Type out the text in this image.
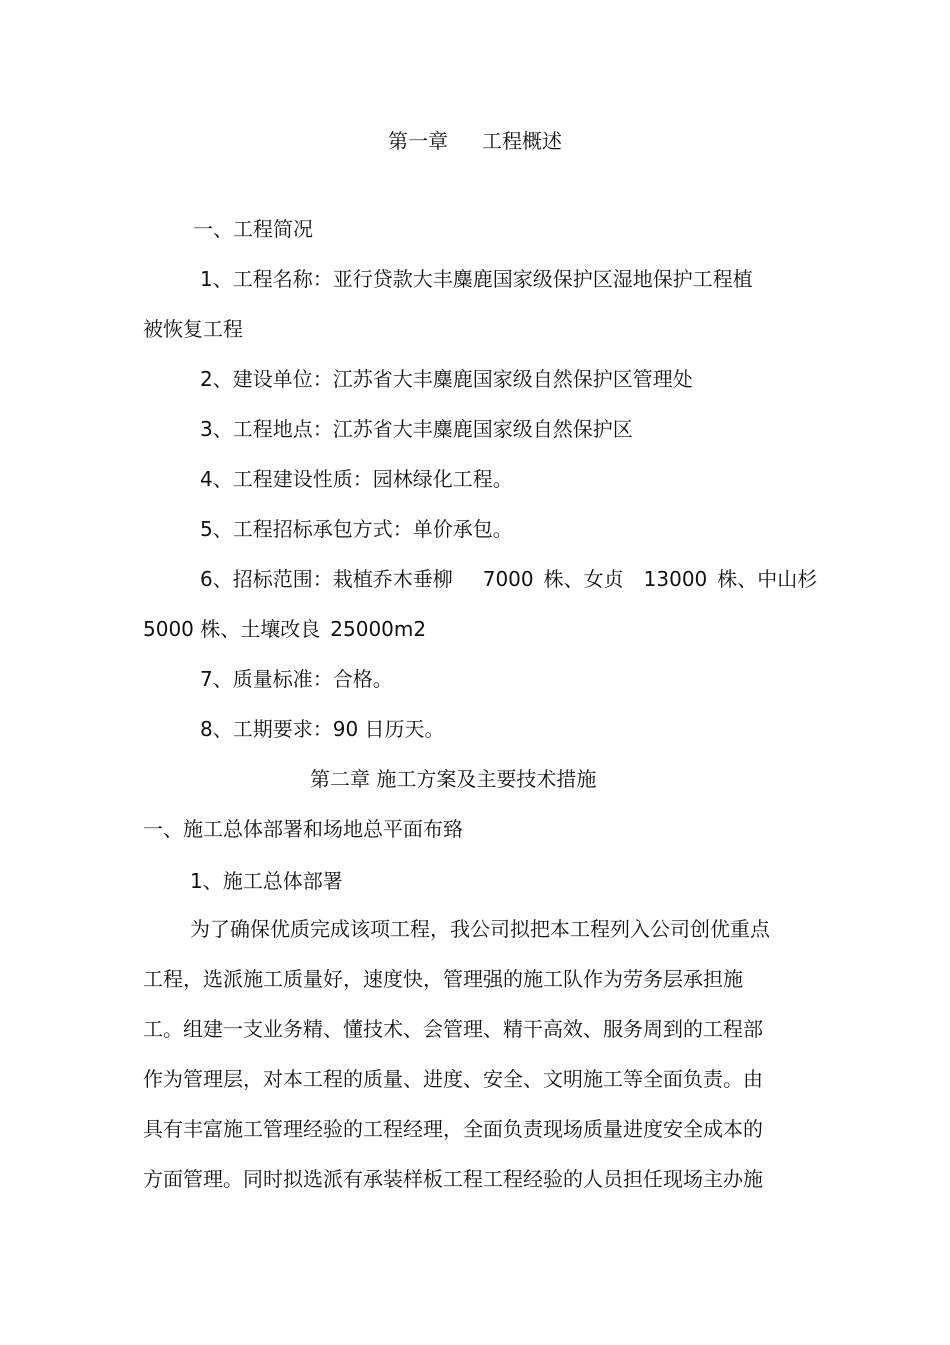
第一章 工程概述
一、工程简况
1、工程名称：亚行贷款大丰麋鹿国家级保护区湿地保护工程植
被恢复工程
2、建设单位：江苏省大丰麋鹿国家级自然保护区管理处
3、工程地点：江苏省大丰麋鹿国家级自然保护区
4、工程建设性质：园林绿化工程。
5、工程招标承包方式：单价承包。
6、招标范围：栽植乔木垂柳 7000 株、女贞 13000 株、中山杉
5000 株、土壤改良 25000m2
7、质量标准：合格。
8、工期要求：90 日历天。
第二章 施工方案及主要技术措施
一、施工总体部署和场地总平面布臵
1、施工总体部署
为了确保优质完成该项工程，我公司拟把本工程列入公司创优重点
工程，选派施工质量好，速度快，管理强的施工队作为劳务层承担施
工。组建一支业务精、懂技术、会管理、精干高效、服务周到的工程部
作为管理层，对本工程的质量、进度、安全、文明施工等全面负责。由
具有丰富施工管理经验的工程经理，全面负责现场质量进度安全成本的
方面管理。同时拟选派有承装样板工程工程经验的人员担任现场主办施
